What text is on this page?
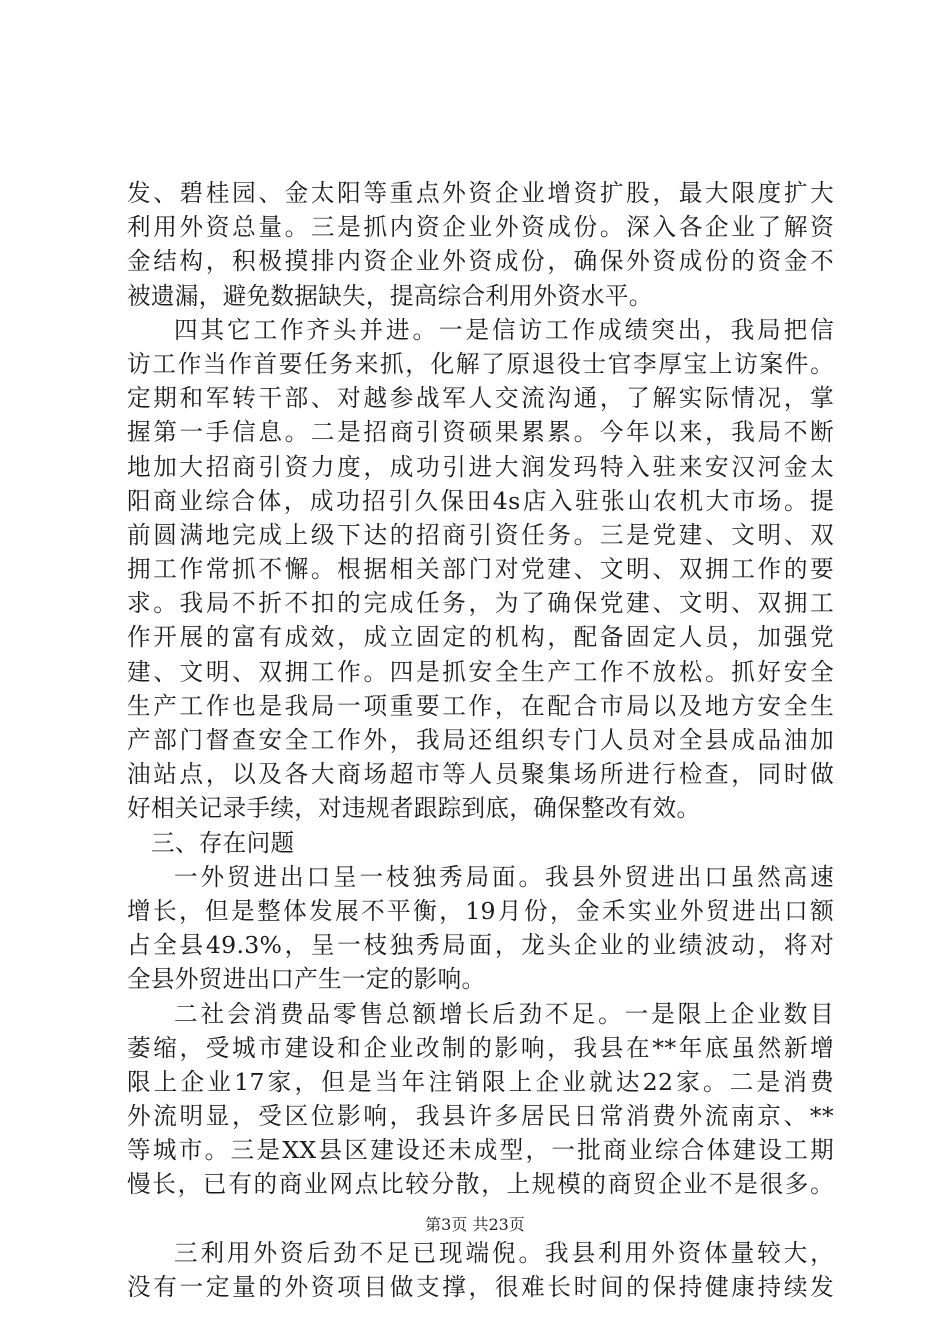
发、碧桂园、金太阳等重点外资企业增资扩股，最大限度扩大
利用外资总量。三是抓内资企业外资成份。深入各企业了解资
金结构，积极摸排内资企业外资成份，确保外资成份的资金不
被遗漏，避免数据缺失，提高综合利用外资水平。
四其它工作齐头并进。一是信访工作成绩突出，我局把信
访工作当作首要任务来抓，化解了原退役士官李厚宝上访案件。
定期和军转干部、对越参战军人交流沟通，了解实际情况，掌
握第一手信息。二是招商引资硕果累累。今年以来，我局不断
地加大招商引资力度，成功引进大润发玛特入驻来安汉河金太
阳商业综合体，成功招引久保田4s店入驻张山农机大市场。提
前圆满地完成上级下达的招商引资任务。三是党建、文明、双
拥工作常抓不懈。根据相关部门对党建、文明、双拥工作的要
求。我局不折不扣的完成任务，为了确保党建、文明、双拥工
作开展的富有成效，成立固定的机构，配备固定人员，加强党
建、文明、双拥工作。四是抓安全生产工作不放松。抓好安全
生产工作也是我局一项重要工作，在配合市局以及地方安全生
产部门督查安全工作外，我局还组织专门人员对全县成品油加
油站点，以及各大商场超市等人员聚集场所进行检查，同时做
好相关记录手续，对违规者跟踪到底，确保整改有效。
三、存在问题
一外贸进出口呈一枝独秀局面。我县外贸进出口虽然高速
增长，但是整体发展不平衡，19月份，金禾实业外贸进出口额
占全县49.3%，呈一枝独秀局面，龙头企业的业绩波动，将对
全县外贸进出口产生一定的影响。
二社会消费品零售总额增长后劲不足。一是限上企业数目
萎缩，受城市建设和企业改制的影响，我县在**年底虽然新增
限上企业17家，但是当年注销限上企业就达22家。二是消费
外流明显，受区位影响，我县许多居民日常消费外流南京、**
等城市。三是XX县区建设还未成型，一批商业综合体建设工期
慢长，已有的商业网点比较分散，上规模的商贸企业不是很多。
三利用外资后劲不足已现端倪。我县利用外资体量较大，
没有一定量的外资项目做支撑，很难长时间的保持健康持续发
第3页 共23页
